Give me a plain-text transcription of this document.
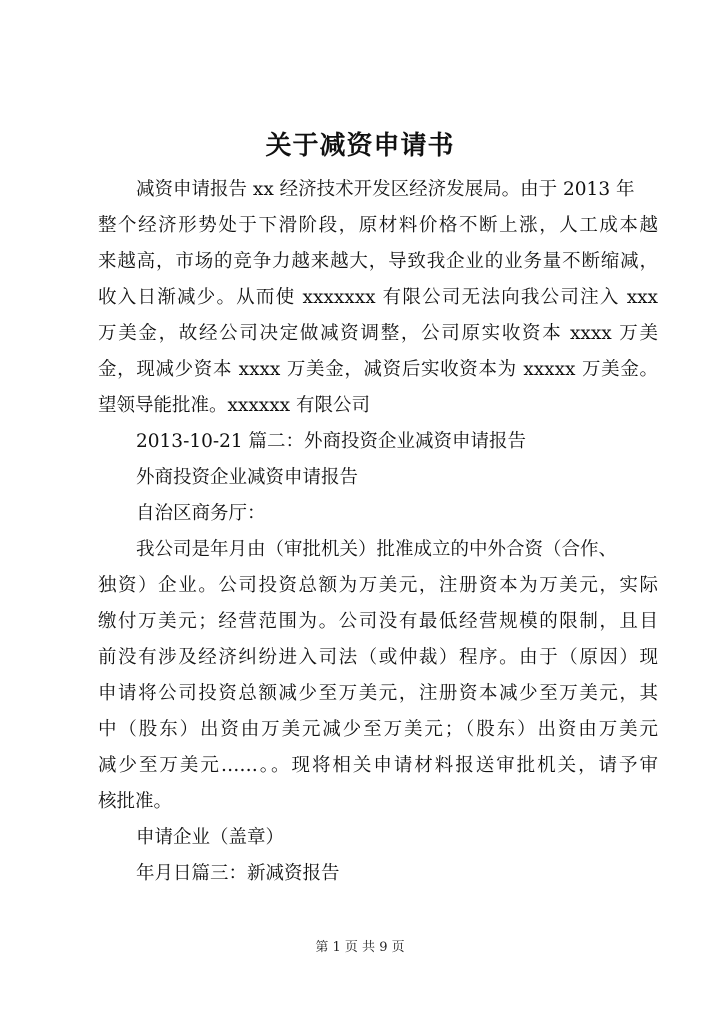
关于减资申请书
减资申请报告 xx 经济技术开发区经济发展局。由于 2013 年
整个经济形势处于下滑阶段，原材料价格不断上涨，人工成本越
来越高，市场的竞争力越来越大，导致我企业的业务量不断缩减，
收入日渐减少。从而使 xxxxxxx 有限公司无法向我公司注入 xxx
万美金，故经公司决定做减资调整，公司原实收资本 xxxx 万美
金，现减少资本 xxxx 万美金，减资后实收资本为 xxxxx 万美金。
望领导能批准。xxxxxx 有限公司
2013-10-21 篇二：外商投资企业减资申请报告
外商投资企业减资申请报告
自治区商务厅：
我公司是年月由（审批机关）批准成立的中外合资（合作、
独资）企业。公司投资总额为万美元，注册资本为万美元，实际
缴付万美元；经营范围为。公司没有最低经营规模的限制，且目
前没有涉及经济纠纷进入司法（或仲裁）程序。由于（原因）现
申请将公司投资总额减少至万美元，注册资本减少至万美元，其
中（股东）出资由万美元减少至万美元；（股东）出资由万美元
减少至万美元……。。现将相关申请材料报送审批机关，请予审
核批准。
申请企业（盖章）
年月日篇三：新减资报告
第 1 页 共 9 页
